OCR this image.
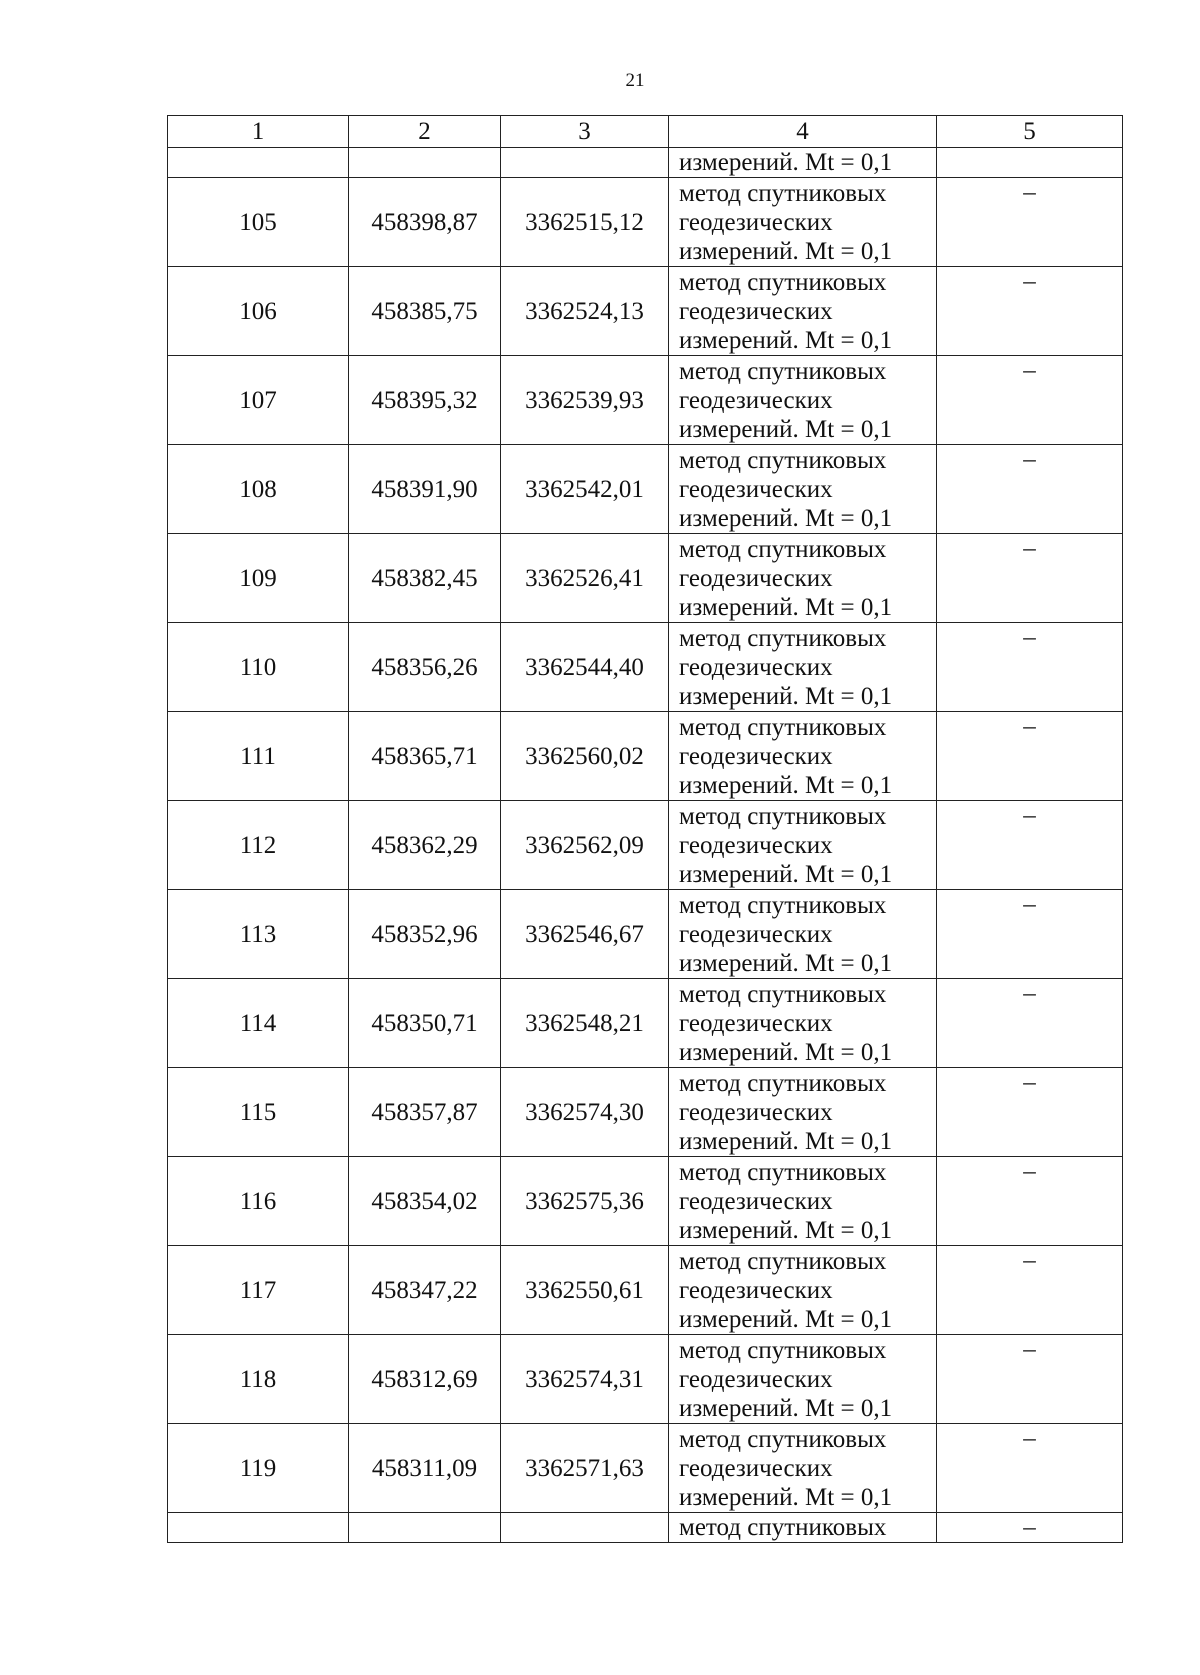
21
1	2	3	4	5
			измерений. Mt = 0,1	
105	458398,87	3362515,12	метод спутниковых геодезических измерений. Mt = 0,1	–
106	458385,75	3362524,13	метод спутниковых геодезических измерений. Mt = 0,1	–
107	458395,32	3362539,93	метод спутниковых геодезических измерений. Mt = 0,1	–
108	458391,90	3362542,01	метод спутниковых геодезических измерений. Mt = 0,1	–
109	458382,45	3362526,41	метод спутниковых геодезических измерений. Mt = 0,1	–
110	458356,26	3362544,40	метод спутниковых геодезических измерений. Mt = 0,1	–
111	458365,71	3362560,02	метод спутниковых геодезических измерений. Mt = 0,1	–
112	458362,29	3362562,09	метод спутниковых геодезических измерений. Mt = 0,1	–
113	458352,96	3362546,67	метод спутниковых геодезических измерений. Mt = 0,1	–
114	458350,71	3362548,21	метод спутниковых геодезических измерений. Mt = 0,1	–
115	458357,87	3362574,30	метод спутниковых геодезических измерений. Mt = 0,1	–
116	458354,02	3362575,36	метод спутниковых геодезических измерений. Mt = 0,1	–
117	458347,22	3362550,61	метод спутниковых геодезических измерений. Mt = 0,1	–
118	458312,69	3362574,31	метод спутниковых геодезических измерений. Mt = 0,1	–
119	458311,09	3362571,63	метод спутниковых геодезических измерений. Mt = 0,1	–
			метод спутниковых	–
